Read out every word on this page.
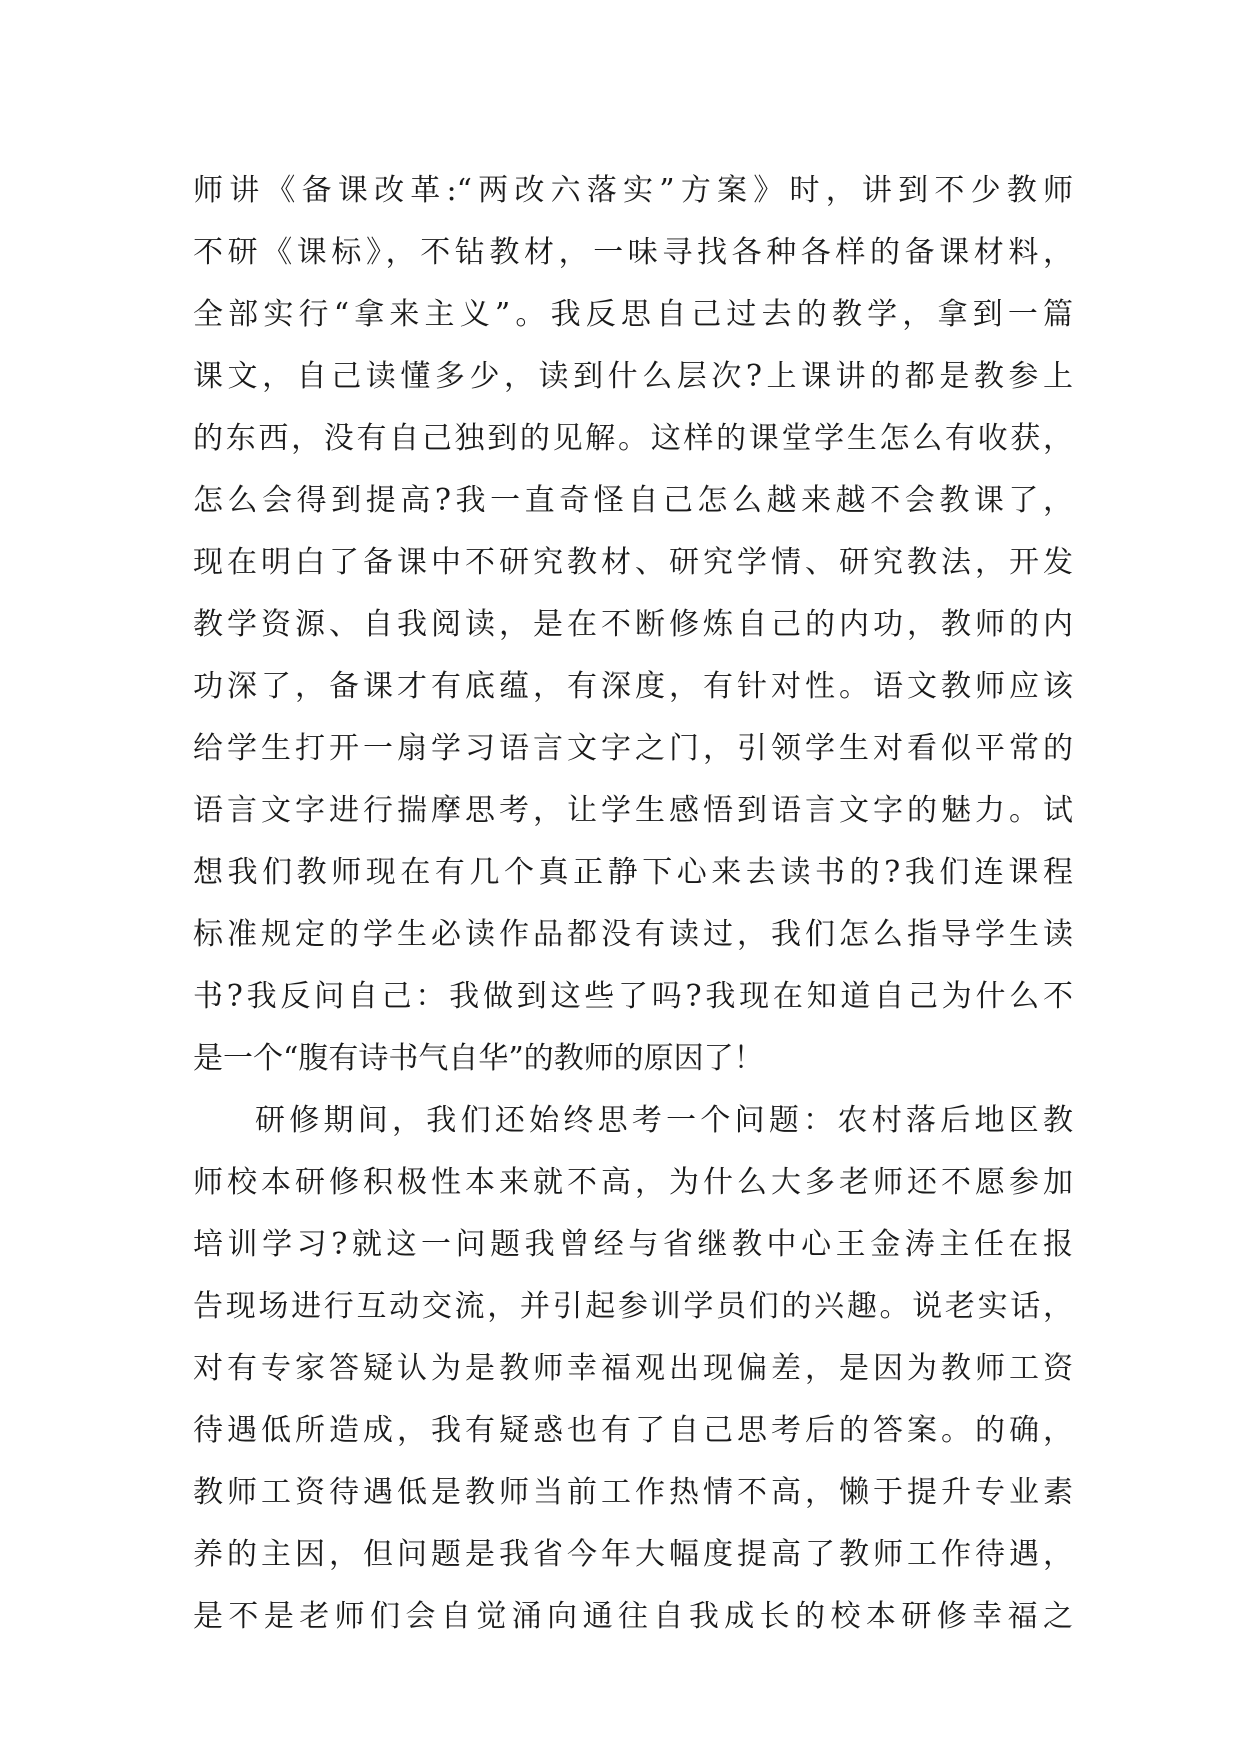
师讲《备课改革:“两改六落实”方案》时，讲到不少教师
不研《课标》，不钻教材，一味寻找各种各样的备课材料，
全部实行“拿来主义”。我反思自己过去的教学，拿到一篇
课文，自己读懂多少，读到什么层次?上课讲的都是教参上
的东西，没有自己独到的见解。这样的课堂学生怎么有收获，
怎么会得到提高?我一直奇怪自己怎么越来越不会教课了，
现在明白了备课中不研究教材、研究学情、研究教法，开发
教学资源、自我阅读，是在不断修炼自己的内功，教师的内
功深了，备课才有底蕴，有深度，有针对性。语文教师应该
给学生打开一扇学习语言文字之门，引领学生对看似平常的
语言文字进行揣摩思考，让学生感悟到语言文字的魅力。试
想我们教师现在有几个真正静下心来去读书的?我们连课程
标准规定的学生必读作品都没有读过，我们怎么指导学生读
书?我反问自己：我做到这些了吗?我现在知道自己为什么不
是一个“腹有诗书气自华”的教师的原因了！
研修期间，我们还始终思考一个问题：农村落后地区教
师校本研修积极性本来就不高，为什么大多老师还不愿参加
培训学习?就这一问题我曾经与省继教中心王金涛主任在报
告现场进行互动交流，并引起参训学员们的兴趣。说老实话，
对有专家答疑认为是教师幸福观出现偏差，是因为教师工资
待遇低所造成，我有疑惑也有了自己思考后的答案。的确，
教师工资待遇低是教师当前工作热情不高，懒于提升专业素
养的主因，但问题是我省今年大幅度提高了教师工作待遇，
是不是老师们会自觉涌向通往自我成长的校本研修幸福之
